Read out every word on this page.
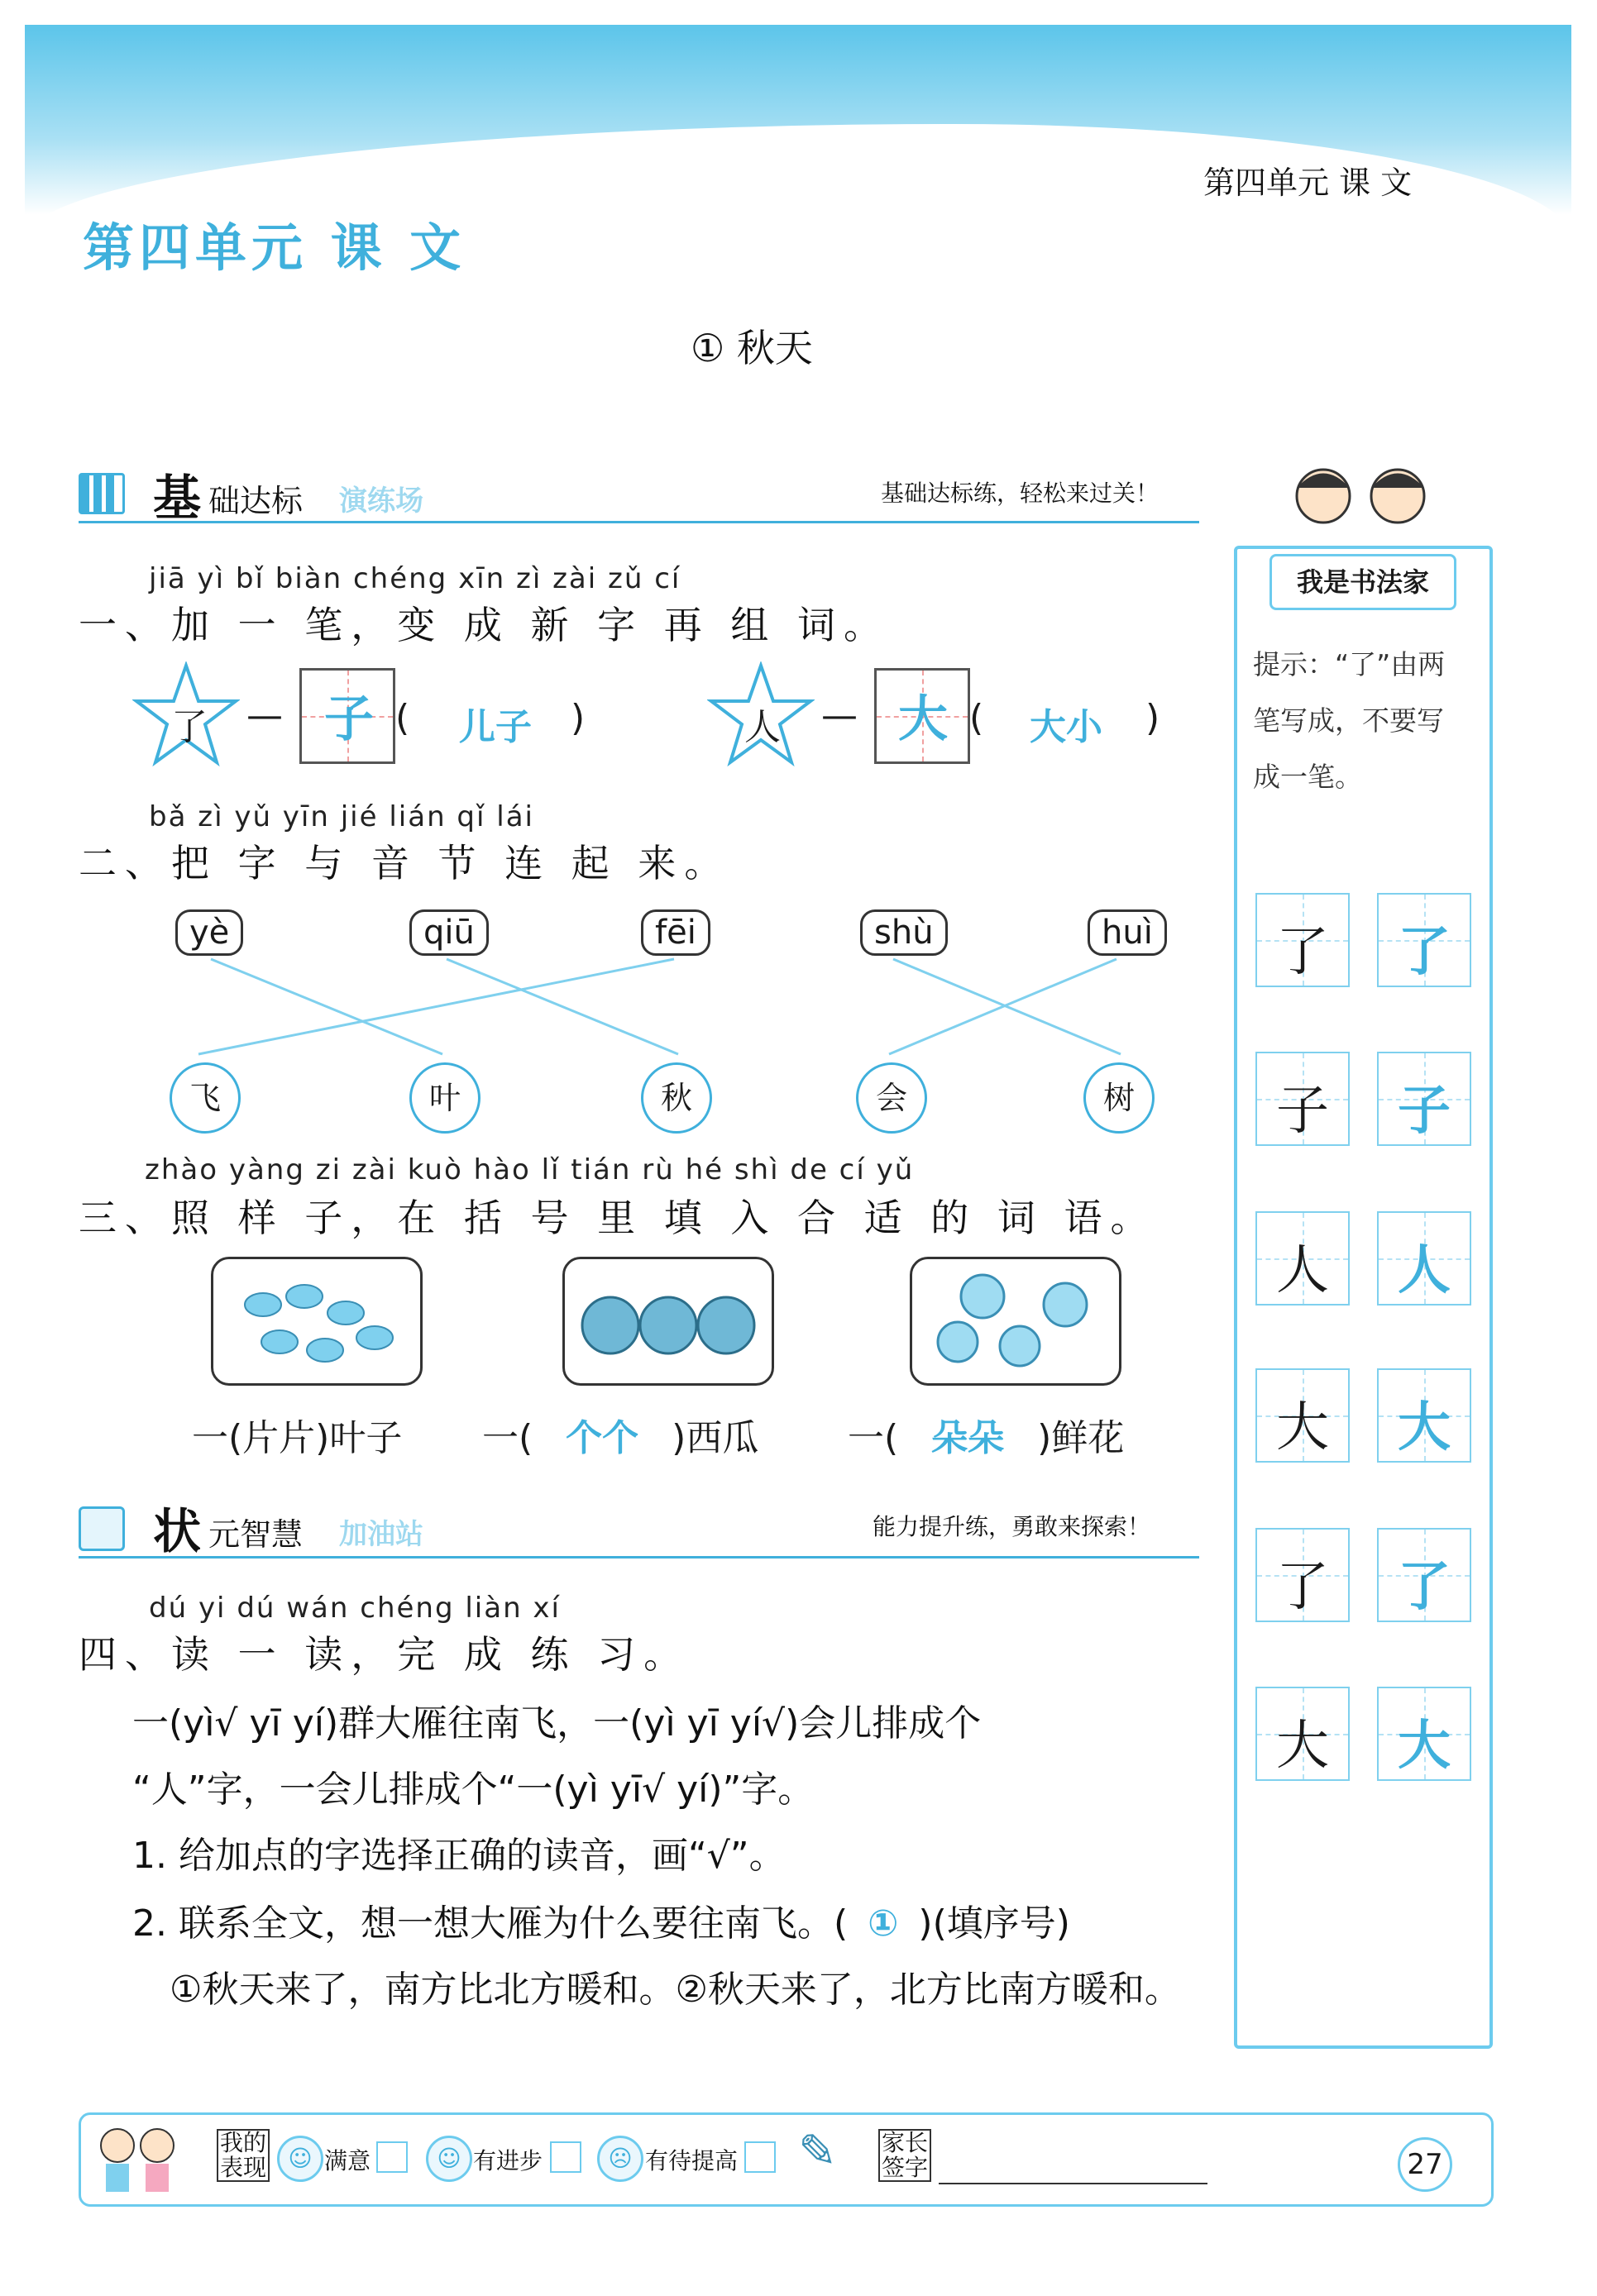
第四单元 课 文
第四单元 课 文
① 秋天
基 础达标 演练场	基础达标练，轻松来过关！
jiā yì bǐ biàn chéng xīn zì zài zǔ cí
一、加 一 笔，变 成 新 字 再 组 词。
了 — 子 ( 儿子 )	人 — 大 ( 大小 )
bǎ zì yǔ yīn jié lián qǐ lái
二、把 字 与 音 节 连 起 来。
yè	qiū	fēi	shù	huì
飞	叶	秋	会	树
zhào yàng zi zài kuò hào lǐ tián rù hé shì de cí yǔ
三、照 样 子，在 括 号 里 填 入 合 适 的 词 语。
一(片片)叶子 一( 个个 )西瓜 一( 朵朵 )鲜花
状 元智慧 加油站	能力提升练，勇敢来探索！
dú yi dú wán chéng liàn xí
四、读 一 读，完 成 练 习。
一(yì√ yī yí)群大雁往南飞，一(yì yī yí√)会儿排成个
“人”字，一会儿排成个“一(yì yī√ yí)”字。
1. 给加点的字选择正确的读音，画“√”。
2. 联系全文，想一想大雁为什么要往南飞。( ① )(填序号)
①秋天来了，南方比北方暖和。②秋天来了，北方比南方暖和。
我是书法家
提示：“了”由两
笔写成，不要写
成一笔。
了	了
子	子
人	人
大	大
了	了
大	大
我的表现 ☺ 满意	☺ 有进步	☹ 有待提高 ✎ 家长签字	27
